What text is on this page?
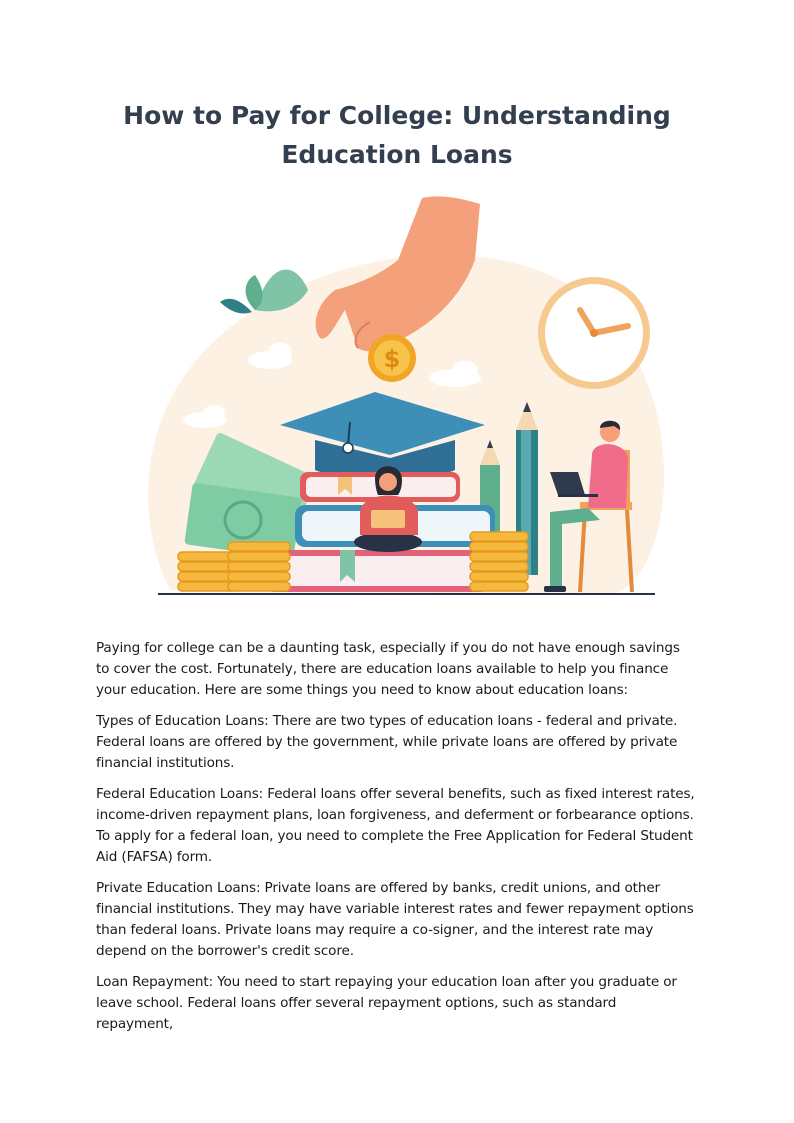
How to Pay for College: Understanding Education Loans
$

Paying for college can be a daunting task, especially if you do not have enough savings to cover the cost. Fortunately, there are education loans available to help you finance your education. Here are some things you need to know about education loans:

Types of Education Loans: There are two types of education loans - federal and private. Federal loans are offered by the government, while private loans are offered by private financial institutions.

Federal Education Loans: Federal loans offer several benefits, such as fixed interest rates, income-driven repayment plans, loan forgiveness, and deferment or forbearance options. To apply for a federal loan, you need to complete the Free Application for Federal Student Aid (FAFSA) form.

Private Education Loans: Private loans are offered by banks, credit unions, and other financial institutions. They may have variable interest rates and fewer repayment options than federal loans. Private loans may require a co-signer, and the interest rate may depend on the borrower's credit score.

Loan Repayment: You need to start repaying your education loan after you graduate or leave school. Federal loans offer several repayment options, such as standard repayment,
